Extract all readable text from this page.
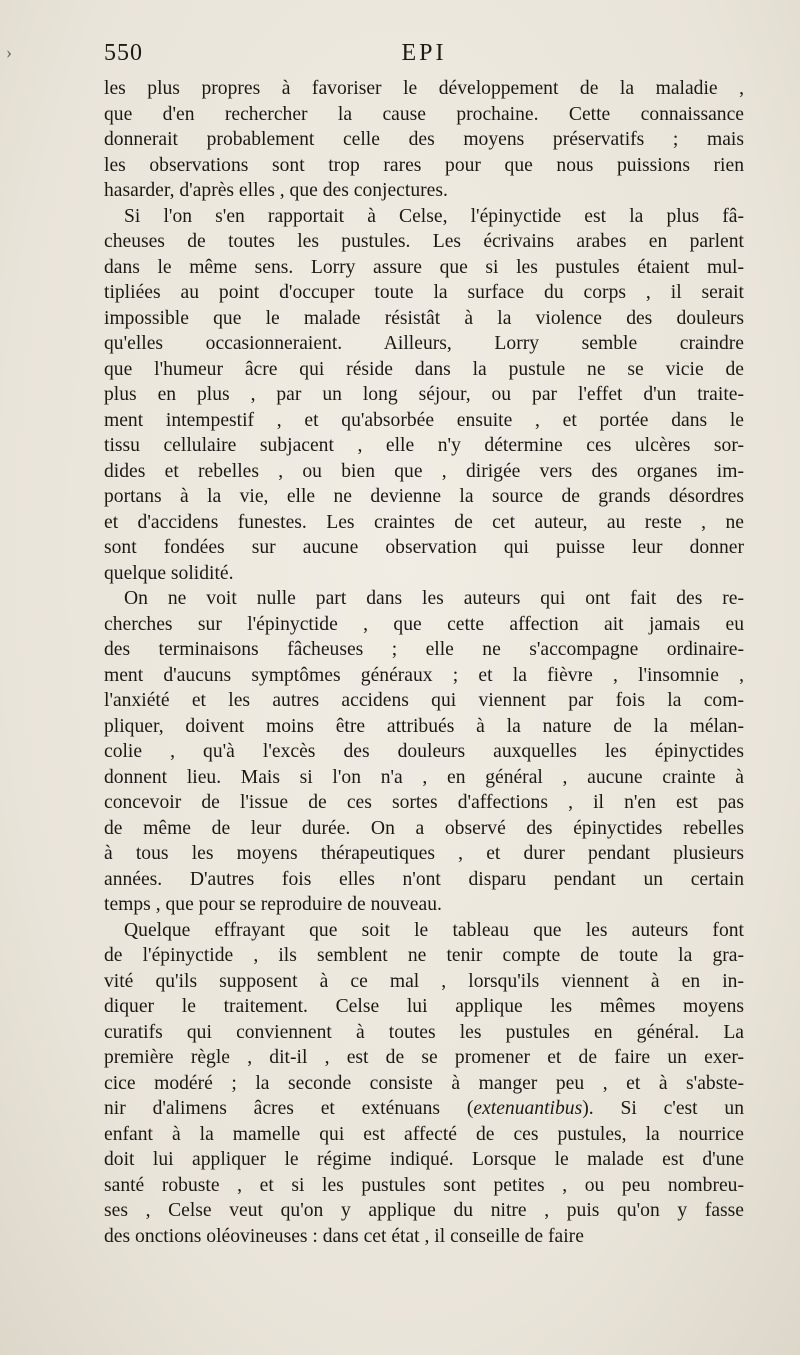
550	EPI
les plus propres à favoriser le développement de la maladie ,
que d'en rechercher la cause prochaine. Cette connaissance
donnerait probablement celle des moyens préservatifs ; mais
les observations sont trop rares pour que nous puissions rien
hasarder, d'après elles , que des conjectures.
Si l'on s'en rapportait à Celse, l'épinyctide est la plus fâ-
cheuses de toutes les pustules. Les écrivains arabes en parlent
dans le même sens. Lorry assure que si les pustules étaient mul-
tipliées au point d'occuper toute la surface du corps , il serait
impossible que le malade résistât à la violence des douleurs
qu'elles occasionneraient. Ailleurs, Lorry semble craindre
que l'humeur âcre qui réside dans la pustule ne se vicie de
plus en plus , par un long séjour, ou par l'effet d'un traite-
ment intempestif , et qu'absorbée ensuite , et portée dans le
tissu cellulaire subjacent , elle n'y détermine ces ulcères sor-
dides et rebelles , ou bien que , dirigée vers des organes im-
portans à la vie, elle ne devienne la source de grands désordres
et d'accidens funestes. Les craintes de cet auteur, au reste , ne
sont fondées sur aucune observation qui puisse leur donner
quelque solidité.
On ne voit nulle part dans les auteurs qui ont fait des re-
cherches sur l'épinyctide , que cette affection ait jamais eu
des terminaisons fâcheuses ; elle ne s'accompagne ordinaire-
ment d'aucuns symptômes généraux ; et la fièvre , l'insomnie ,
l'anxiété et les autres accidens qui viennent par fois la com-
pliquer, doivent moins être attribués à la nature de la mélan-
colie , qu'à l'excès des douleurs auxquelles les épinyctides
donnent lieu. Mais si l'on n'a , en général , aucune crainte à
concevoir de l'issue de ces sortes d'affections , il n'en est pas
de même de leur durée. On a observé des épinyctides rebelles
à tous les moyens thérapeutiques , et durer pendant plusieurs
années. D'autres fois elles n'ont disparu pendant un certain
temps , que pour se reproduire de nouveau.
Quelque effrayant que soit le tableau que les auteurs font
de l'épinyctide , ils semblent ne tenir compte de toute la gra-
vité qu'ils supposent à ce mal , lorsqu'ils viennent à en in-
diquer le traitement. Celse lui applique les mêmes moyens
curatifs qui conviennent à toutes les pustules en général. La
première règle , dit-il , est de se promener et de faire un exer-
cice modéré ; la seconde consiste à manger peu , et à s'abste-
nir d'alimens âcres et exténuans (extenuantibus). Si c'est un
enfant à la mamelle qui est affecté de ces pustules, la nourrice
doit lui appliquer le régime indiqué. Lorsque le malade est d'une
santé robuste , et si les pustules sont petites , ou peu nombreu-
ses , Celse veut qu'on y applique du nitre , puis qu'on y fasse
des onctions oléovineuses : dans cet état , il conseille de faire
›
